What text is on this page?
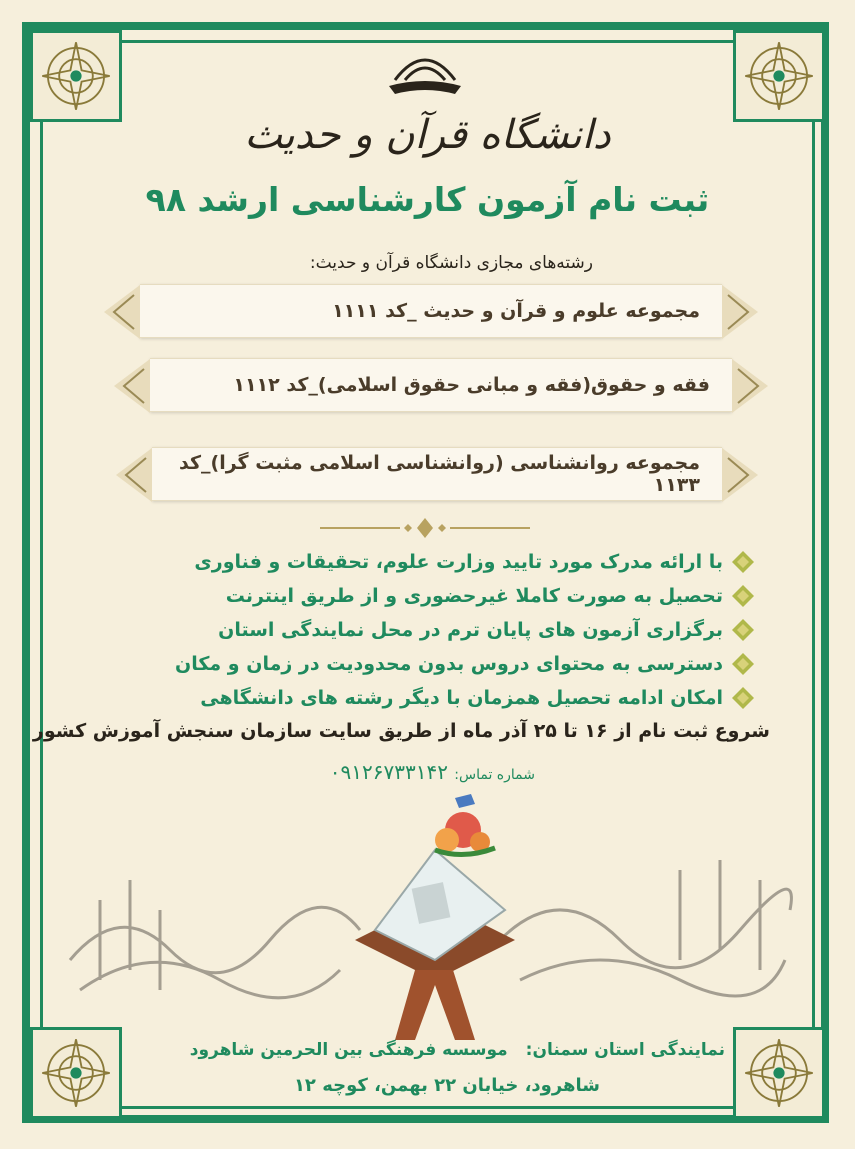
دانشگاه قرآن و حدیث
ثبت نام آزمون کارشناسی ارشد ۹۸
رشته‌های مجازی دانشگاه قرآن و حدیث:
مجموعه علوم و قرآن و حدیث _کد ۱۱۱۱
فقه و حقوق(فقه و مبانی حقوق اسلامی)_کد ۱۱۱۲
مجموعه روانشناسی (روانشناسی اسلامی مثبت گرا)_کد ۱۱۳۳
با ارائه مدرک مورد تایید وزارت علوم، تحقیقات و فناوری
تحصیل به صورت کاملا غیرحضوری و از طریق اینترنت
برگزاری آزمون های پایان ترم در محل نمایندگی استان
دسترسی به محتوای دروس بدون محدودیت در زمان و مکان
امکان ادامه تحصیل همزمان با دیگر رشته های دانشگاهی
شروع ثبت نام از ۱۶ تا ۲۵ آذر ماه از طریق سایت سازمان سنجش آموزش کشور
شماره تماس: ۰۹۱۲۶۷۳۳۱۴۲
نمایندگی استان سمنان:موسسه فرهنگی بین الحرمین شاهرود
شاهرود، خیابان ۲۲ بهمن، کوچه ۱۲
